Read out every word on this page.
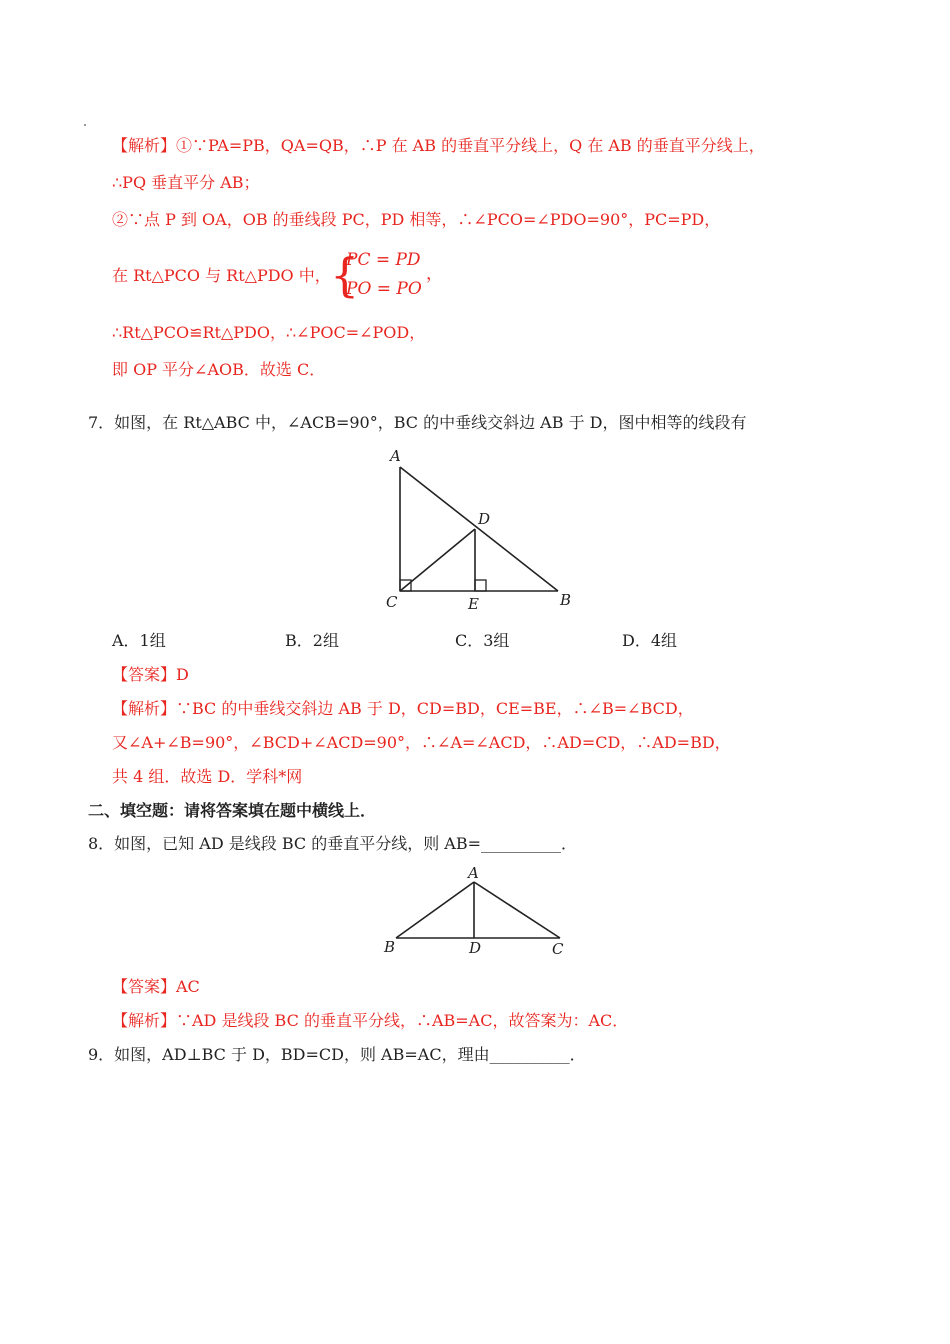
【解析】①∵PA=PB，QA=QB，∴P 在 AB 的垂直平分线上，Q 在 AB 的垂直平分线上，
∴PQ 垂直平分 AB；
②∵点 P 到 OA，OB 的垂线段 PC，PD 相等，∴∠PCO=∠PDO=90°，PC=PD，
在 Rt△PCO 与 Rt△PDO 中， {
PC = PD
PO = PO
，
∴Rt△PCO≌Rt△PDO，∴∠POC=∠POD，
即 OP 平分∠AOB．故选 C．
7．如图，在 Rt△ABC 中，∠ACB=90°，BC 的中垂线交斜边 AB 于 D，图中相等的线段有
A
D
C	E	B
A．1组	B．2组	C．3组	D．4组
【答案】D
【解析】∵BC 的中垂线交斜边 AB 于 D，CD=BD，CE=BE，∴∠B=∠BCD，
又∠A+∠B=90°，∠BCD+∠ACD=90°，∴∠A=∠ACD，∴AD=CD，∴AD=BD，
共 4 组．故选 D．学科*网
二、填空题：请将答案填在题中横线上．
8．如图，已知 AD 是线段 BC 的垂直平分线，则 AB=__________．
A
B	D	C
【答案】AC
【解析】∵AD 是线段 BC 的垂直平分线，∴AB=AC，故答案为：AC．
9．如图，AD⊥BC 于 D，BD=CD，则 AB=AC，理由__________．
